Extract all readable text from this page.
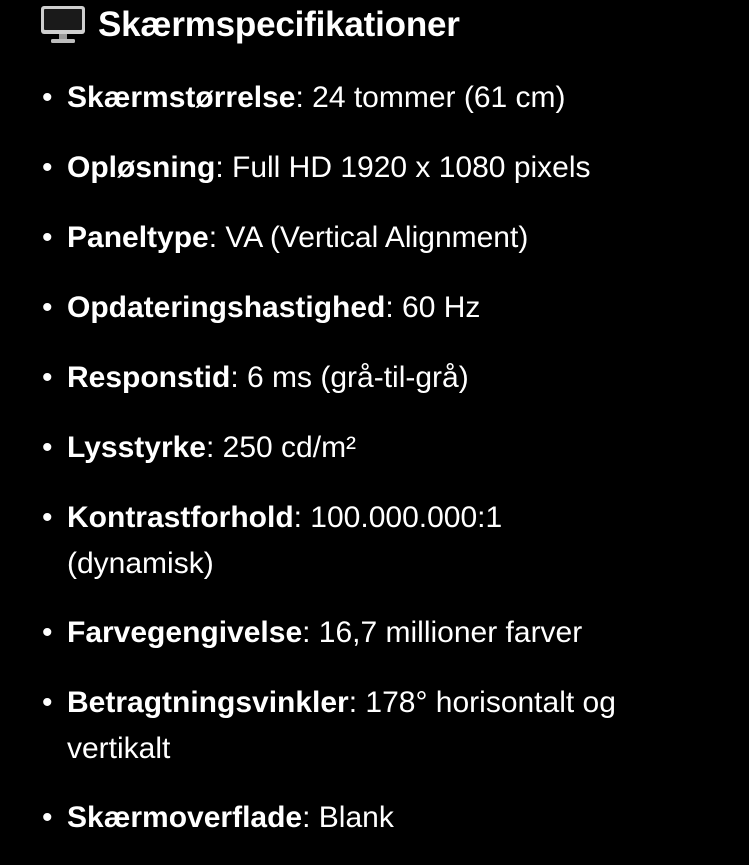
Skærmspecifikationer
• Skærmstørrelse: 24 tommer (61 cm)
• Opløsning: Full HD 1920 x 1080 pixels
• Paneltype: VA (Vertical Alignment)
• Opdateringshastighed: 60 Hz
• Responstid: 6 ms (grå-til-grå)
• Lysstyrke: 250 cd/m²
• Kontrastforhold: 100.000.000:1 (dynamisk)
• Farvegengivelse: 16,7 millioner farver
• Betragtningsvinkler: 178° horisontalt og vertikalt
• Skærmoverflade: Blank
